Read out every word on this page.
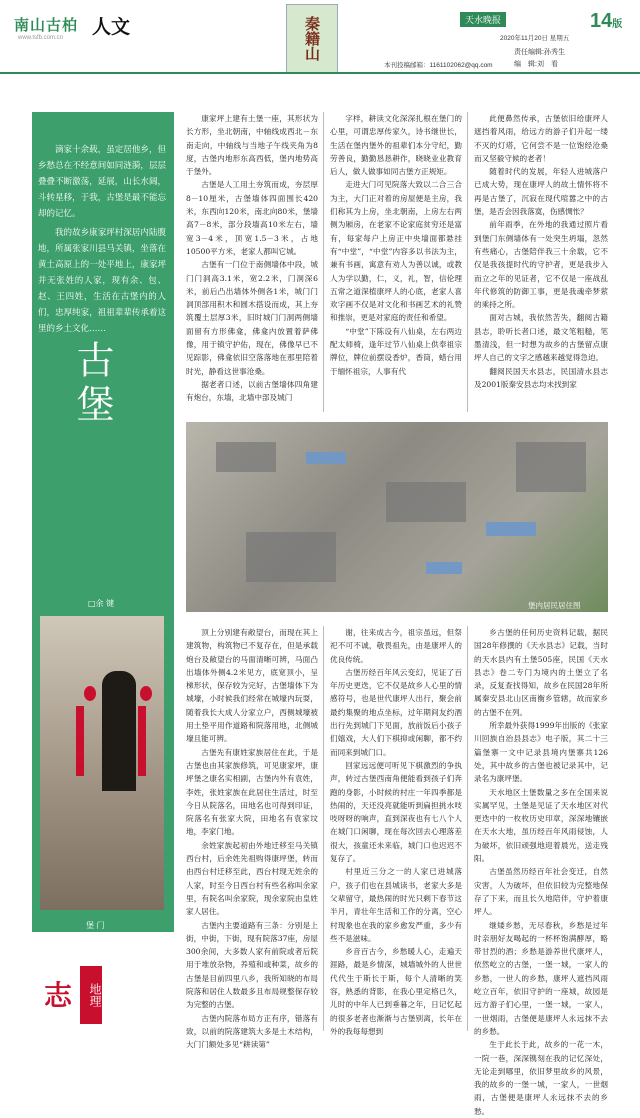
南山古柏
www.tsfb.com.cn 人文	秦籍山	天水晚报	14版
2020年11月20日 星期五
责任编辑:孙秀生
编　辑:刘　看
本刊投稿邮箱：1161102062@qq.com

滴家十余载，虽定居他乡，但乡愁总在不经意间如同涟漪，层层叠叠不断激荡，延展，山长水阔，斗转星移，于我，古堡是最不能忘却的记忆。

我的故乡康家坪村深居内陆腹地，所属张家川县马关镇，坐落在黄土高原上的一处平地上，康家坪并无张姓的人家，现有余、包、赵、王四姓，生活在古堡内的人们，忠厚纯家，祖祖辈辈传承着这里的乡土文化……

古堡
□余 键
堡 门
志	地理

康家坪上建有土堡一座，其形状为长方形，坐北朝南，中轴线成西北－东南走向，中轴线与当地子午线夹角为8度，古堡内地形东高西低，堡内地势高于堡外。

古堡是人工用土夯筑而成，夯层厚8－10厘米，古堡墙体四面围长420米，东西向120米，南北向80米，堡墙高7－8米，部分段墙高10米左右，墙宽3－4米，顶宽1.5－3米，占地10500平方米，老家人都叫它城。

古堡有一门位于南侧墙体中段，城门门洞高3.1米，宽2.2米，门洞深6米，前后凸出墙体外侧各1米，城门门洞顶部用积木和圆木搭设而成，其上夯筑覆土层厚3米，旧时城门门洞两侧墙面留有方形佛龛，佛龛内放置着萨佛像，用于镇守护佑，现在，佛像早已不见踪影，佛龛依旧空落落地在那里陪着时光，静看这世事沧桑。

据老者口述，以前古堡墙体四角建有炮台，东墙，北墙中部及城门

字样，耕读文化深深扎根在堡门的心里，可谓忠厚传家久，诗书继世长，生活在堡内堡外的祖辈们本分守纪，勤劳善良，勤勤恳恳耕作，晓晓业业教育后人，做人做事如同古堡方正规矩。

走进大门可见院落大致以二合三合为主，大门正对着的房屋便是主房，我们称其为上房，坐北朝南，上房左右两侧为厢房，在老家不论家庭贫穷还是富有，每家每户上房正中央墙面都悬挂有“中堂”，“中堂”内容多以书法为主，兼有书画，寓意有劝人为善以诚，或教人为学以勤，仁，义，礼，智，信伦理五常之道深植康坪人的心底，老家人喜欢字画不仅是对文化和书画艺术的礼赞和推崇，更是对家庭的责任和希望。

“中堂”下陈设有八仙桌，左右两边配太师椅，逢年过节八仙桌上供奉祖宗牌位，牌位前摆设香炉，香筒，蜡台用于缅怀祖宗，人事有代

此便鼻然传承，古堡依旧给康坪人遮挡着风雨，给远方的游子们升起一缕不灭的灯塔，它何尝不是一位饱经沧桑而又坚毅守候的老者！

随着时代的发展，年轻人进城落户已成大势，现在康坪人的故土情怀将不再是古堡了，沉寂在现代喧嚣之中的古堡，是否会因我落寞，伤感惆怅？

前年雨季，在外地的我通过照片看到堡门东侧墙体有一处突生坍塌，忽然有些痛心，古堡陪伴我三十余载，它不仅是我孩提时代的守护者，更是我步入而立之年的见证者，它不仅是一座战乱年代修筑的防御工事，更是我魂牵梦萦的乘持之所。

面对古城，我依然苦失，翻阅古籍县志，聆听长者口述，最文笔粗糙，笔墨清浅，但一时想为故乡的古堡留点康坪人自己的文字之感越来越觉得急迫。

翻阅民国天水县志，民国清水县志及2001版秦安县志均未找到家

堡内居民居住图

顶上分别建有敞望台，而现在其上建筑物，构筑物已不复存在，但是承载炮台及敞望台的马面清晰可辨，马面凸出墙体外侧4.2米见方，底宽顶小，呈梯形状，保存较为完好，古堡墙体下为城壕，小时候我们经常在城壕内玩耍，随着我长大成人分家立户，西侧城壕被用土垫平用作道路和院落用地，北侧城壕且能可辨。

古堡先有康姓家族居住在此，于是古堡也由其家族修筑，可见康家坪，康坪堡之康名实相副，古堡内外有袁姓，李姓，张姓家族在此居住生活过，时至今日从院落名，田地名也可得到印证，院落名有张家大院，田地名有袁家坟地，李家门地。

余姓家族起初由外地迁移至马关镇西台村，后余姓先祖购得康坪堡，转而由西台村迁移至此，西台村现无姓余的人家，时至今日西台村有些名称叫余家里，有院名叫余家院，现余家院由皇姓家人居住。

古堡内主要道路有三条：分别是上街，中街，下街，现有院落37座，房屋300余间，大多数人家有前院或者后院用于堆放杂物，养殖和或种菜，故乡的古堡是目前四里八乡，我所知晓的布局院落和居住人数最多且布局规整保存较为完整的古堡。

古堡内院落布局方正有序，错落有致，以前的院落建筑大多是土木结构，大门门额处多见“耕读第”

谢，往来成古今，祖宗虽远，但祭祀不可不诚，敬畏祖先，由是康坪人的优良传统。

古堡历经百年风云变幻，见证了百年历史更迭，它不仅是故乡人心里的情感符号，也是世代康坪人出行，聚会前最约集聚的地点坐标，过年期间友约酒出行先到城门下见面，放前饭后小孩子们嬉戏，大人们下棋抑或闲聊，都不约而同来到城门口。

回家远远便可听见下棋激烈的争执声，转过古堡西南角便能看到孩子们奔跑的身影，小时候的村庄一年四季都是热闹的，天还没亮就能听到扁担挑水吱吱呀呀的响声，直到深夜也有七八个人在城门口闲聊，现在每次回去心理落差很大，孩童还未来临，城门口也迟迟不复存了。

村里近三分之一的人家已进城落户，孩子们也在县城读书，老家大多是父辈留守，最热闹的时光只剩下春节这半月，青壮年生活和工作的分离，空心村现象也在我的家乡愈发严重，多少有些不是滋味。

乡音百古今，乡愁暖人心，走遍天涯路，最是乡情深，城墙城外的人世世代代生于斯长于斯，每个人清晰的笑容，熟悉的背影，在我心里定格已久，儿时的中年人已到垂暮之年，日记忆起的很多老者也渐渐与古堡别离，长年在外的我每每想到

乡古堡的任何历史资料记载，据民国28年修撰的《天水县志》记载，当时的天水县内有土堡505座，民国《天水县志》卷二专门为境内的土堡立了名录，反复查找得知，故乡在民国28年所属秦安县北山区南衡乡管辖，故而家乡的古堡不在列。

所幸最外获得1999年出版的《张家川回族自治县县志》电子版，其二十三篇堡寨一文中记录县境内堡寨共126处，其中故乡的古堡也被记录其中，记录名为康坪堡。

天水地区土堡数量之多在全国来说实属罕见，土堡是见证了天水地区对代更迭中的一枚枚历史印章，深深地镶嵌在天水大地，虽历经百年风雨侵蚀，人为破坏，依旧顽强地迎着晨光，送走残阳。

古堡虽然历经百年社会变迁，自然灾害，人为破坏，但依旧较为完整地保存了下来，而且长久地陪伴，守护着康坪人。

继矮乡愁，无尽春秋，乡愁是过年时亲朋好友喝起的一杯杯饱满酵厚，略带甘烈的酒；乡愁是游养世代康坪人，依然屹立的古堡，一堡一城，一家人的乡愁，一世人的乡愁，康坪人遮挡风雨屹立百年，依旧守护的一座城，故园是远方游子们心里，一堡一城，一家人，一世烟雨，古堡便是康坪人永远抹不去的乡愁。

生于此长于此，故乡的一花一木，一院一巷，深深镌刻在我的记忆深处，无论走到哪里，依旧梦里故乡的风景，我的故乡的一堡一城，一家人，一世烟雨，古堡便是康坪人永远抹不去的乡愁。
